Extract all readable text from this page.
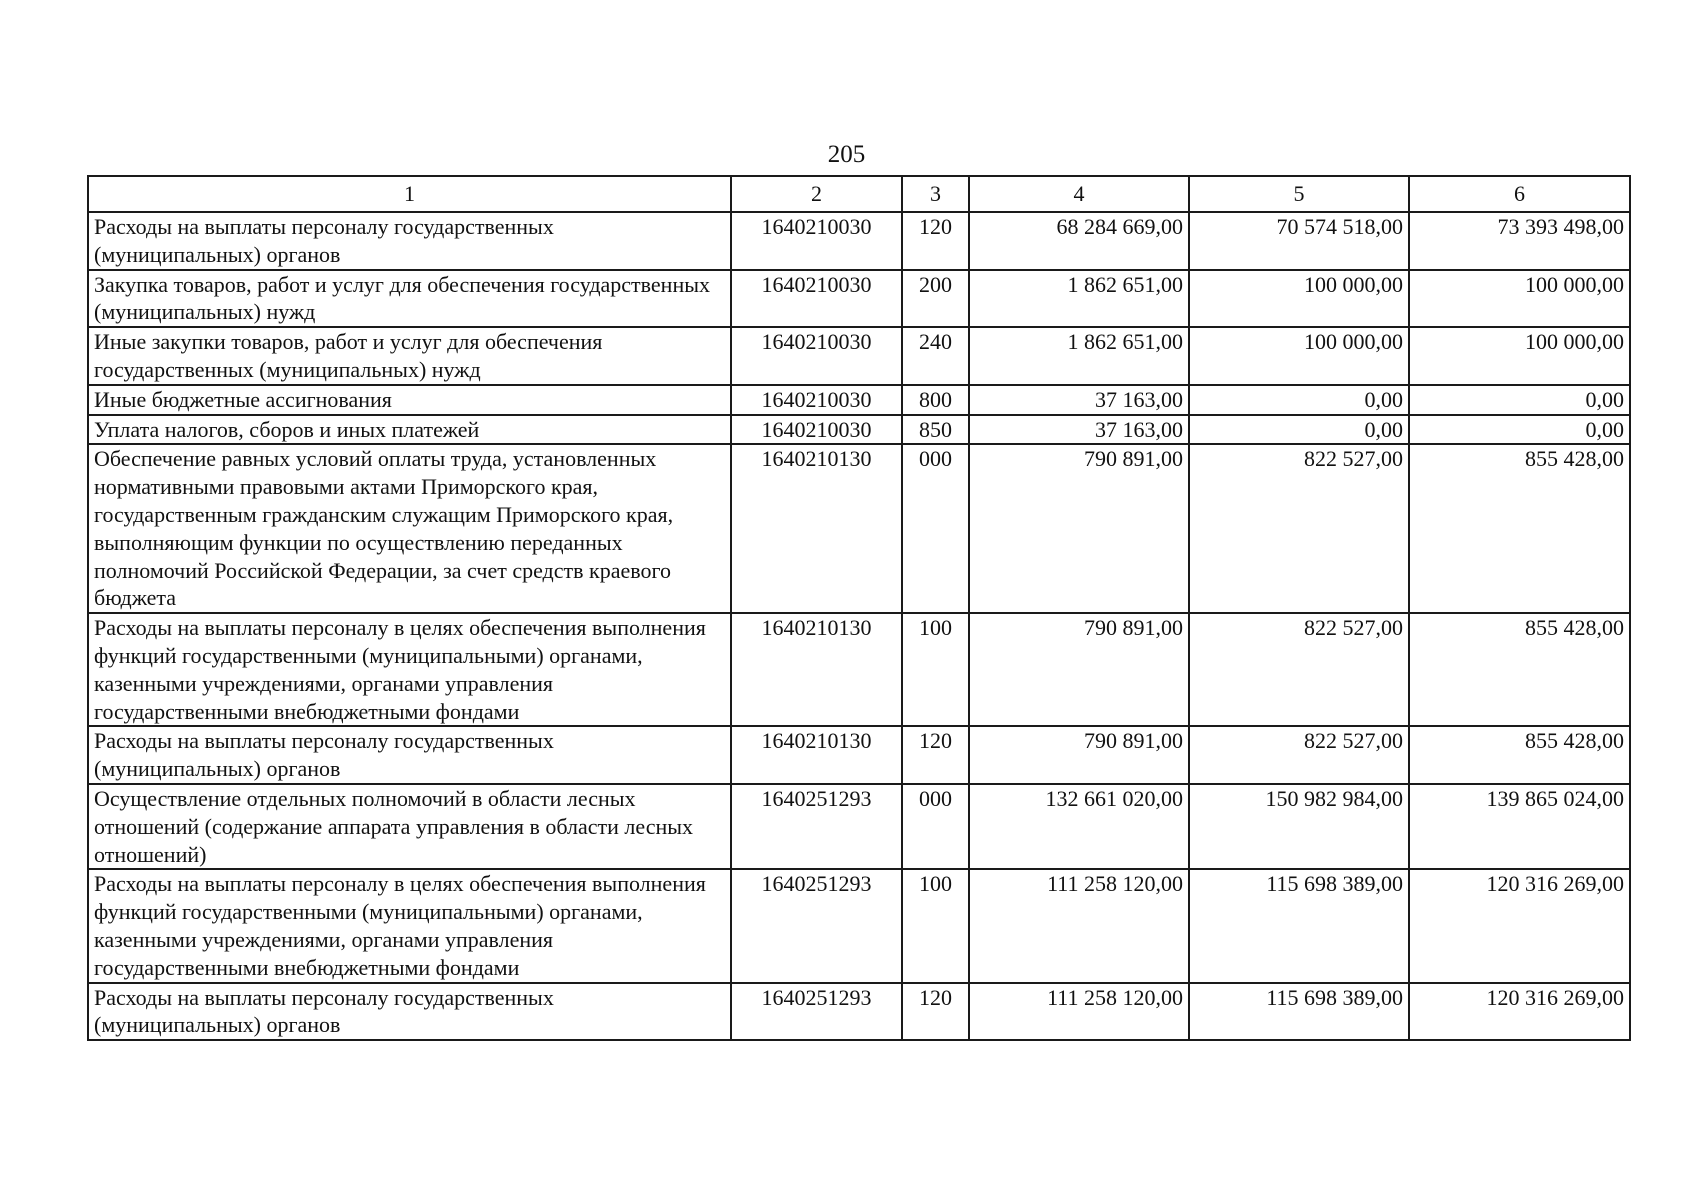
205
1	2	3	4	5	6
Расходы на выплаты персоналу государственных (муниципальных) органов	1640210030	120	68 284 669,00	70 574 518,00	73 393 498,00
Закупка товаров, работ и услуг для обеспечения государственных (муниципальных) нужд	1640210030	200	1 862 651,00	100 000,00	100 000,00
Иные закупки товаров, работ и услуг для обеспечения государственных (муниципальных) нужд	1640210030	240	1 862 651,00	100 000,00	100 000,00
Иные бюджетные ассигнования	1640210030	800	37 163,00	0,00	0,00
Уплата налогов, сборов и иных платежей	1640210030	850	37 163,00	0,00	0,00
Обеспечение равных условий оплаты труда, установленных нормативными правовыми актами Приморского края, государственным гражданским служащим Приморского края, выполняющим функции по осуществлению переданных полномочий Российской Федерации, за счет средств краевого бюджета	1640210130	000	790 891,00	822 527,00	855 428,00
Расходы на выплаты персоналу в целях обеспечения выполнения функций государственными (муниципальными) органами, казенными учреждениями, органами управления государственными внебюджетными фондами	1640210130	100	790 891,00	822 527,00	855 428,00
Расходы на выплаты персоналу государственных (муниципальных) органов	1640210130	120	790 891,00	822 527,00	855 428,00
Осуществление отдельных полномочий в области лесных отношений (содержание аппарата управления в области лесных отношений)	1640251293	000	132 661 020,00	150 982 984,00	139 865 024,00
Расходы на выплаты персоналу в целях обеспечения выполнения функций государственными (муниципальными) органами, казенными учреждениями, органами управления государственными внебюджетными фондами	1640251293	100	111 258 120,00	115 698 389,00	120 316 269,00
Расходы на выплаты персоналу государственных (муниципальных) органов	1640251293	120	111 258 120,00	115 698 389,00	120 316 269,00
